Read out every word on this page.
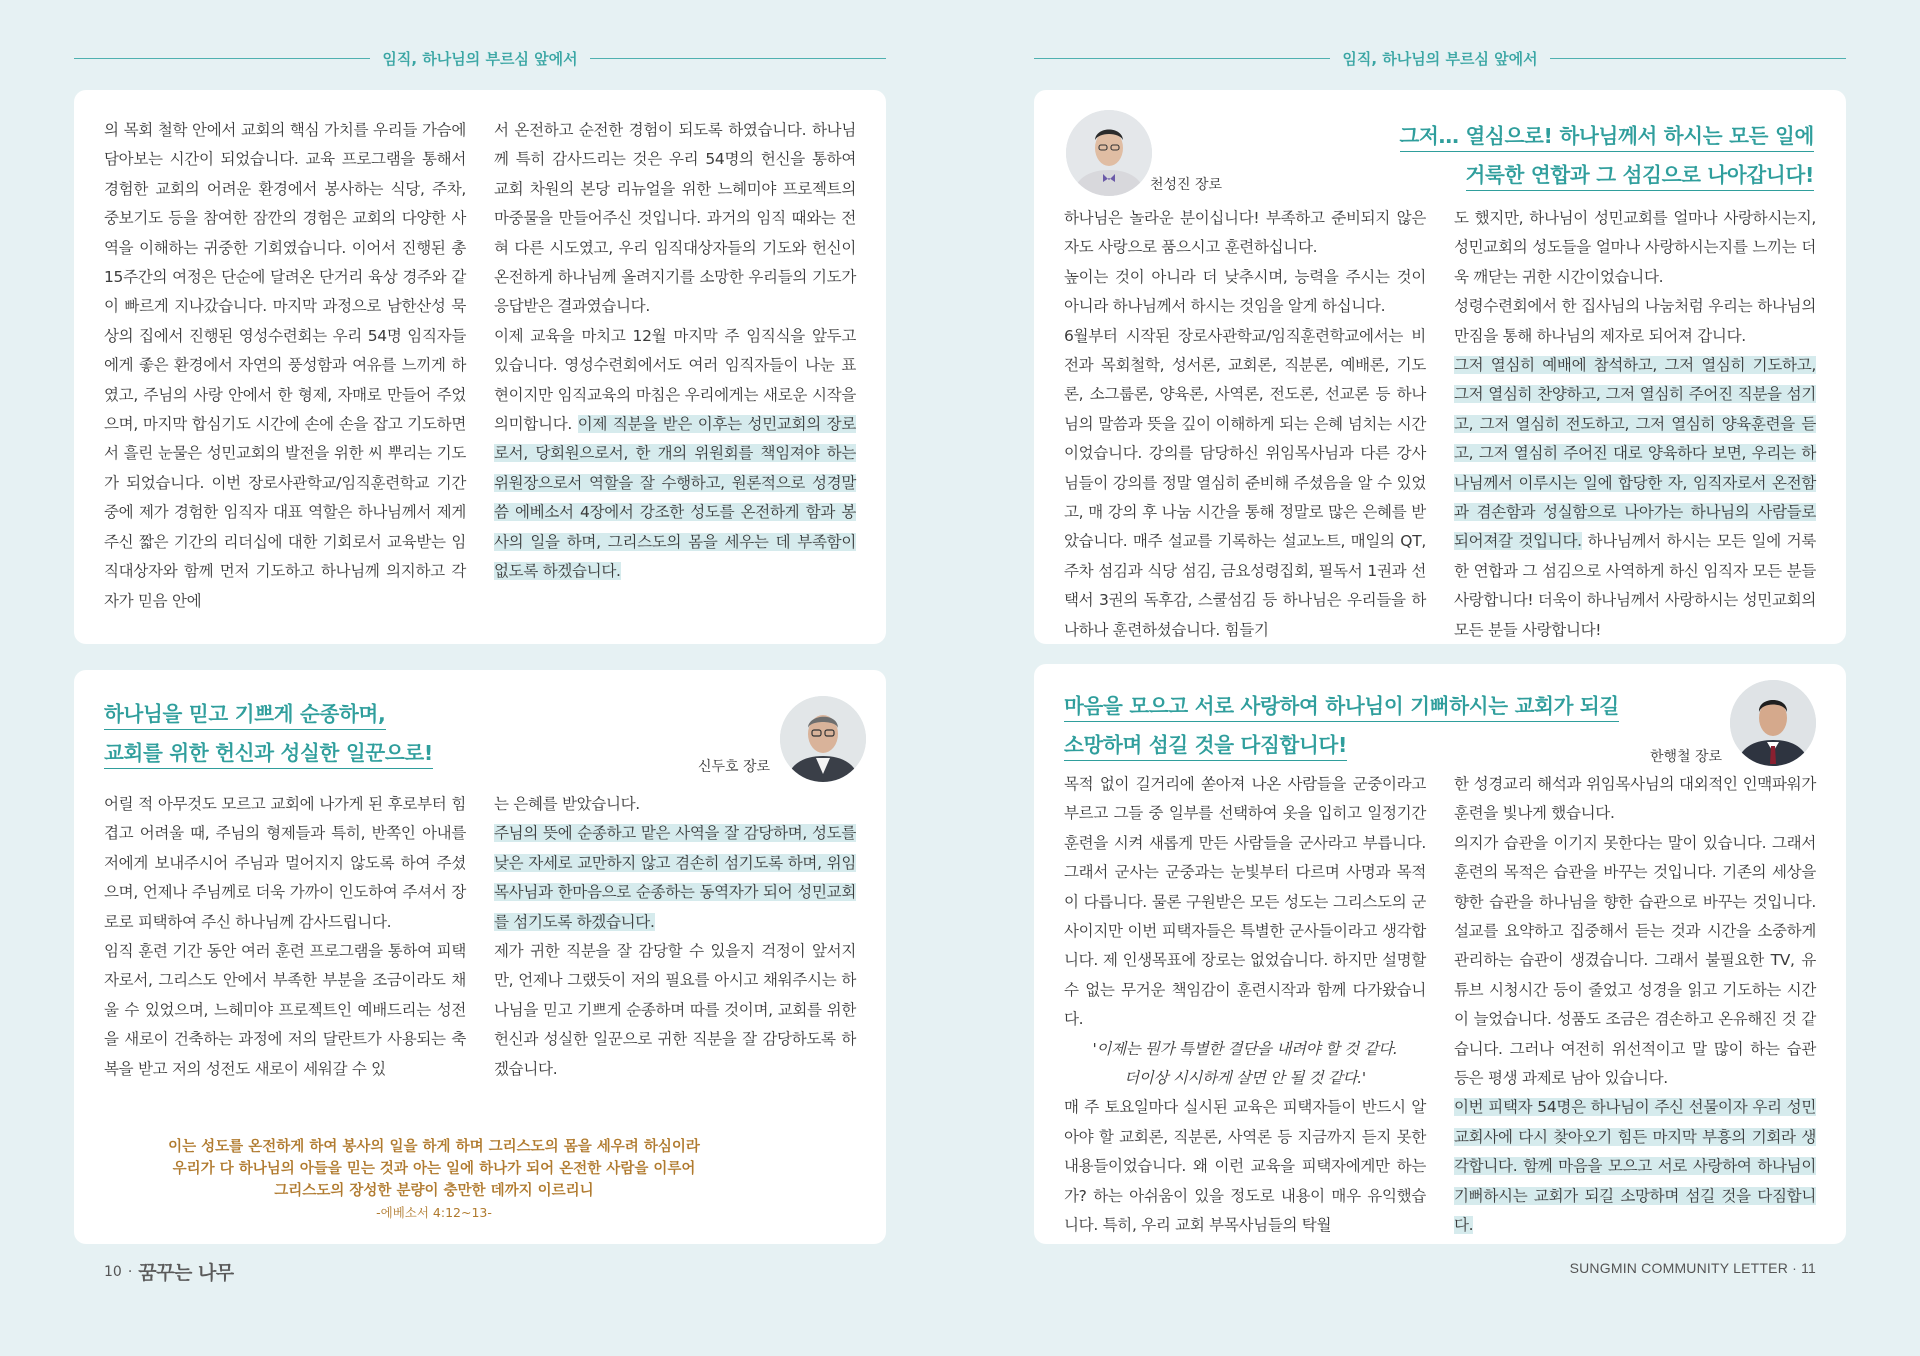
임직, 하나님의 부르심 앞에서	임직, 하나님의 부르심 앞에서

의 목회 철학 안에서 교회의 핵심 가치를 우리들 가슴에 담아보는 시간이 되었습니다. 교육 프로그램을 통해서 경험한 교회의 어려운 환경에서 봉사하는 식당, 주차, 중보기도 등을 참여한 잠깐의 경험은 교회의 다양한 사역을 이해하는 귀중한 기회였습니다. 이어서 진행된 총 15주간의 여정은 단순에 달려온 단거리 육상 경주와 같이 빠르게 지나갔습니다. 마지막 과정으로 남한산성 묵상의 집에서 진행된 영성수련회는 우리 54명 임직자들에게 좋은 환경에서 자연의 풍성함과 여유를 느끼게 하였고, 주님의 사랑 안에서 한 형제, 자매로 만들어 주었으며, 마지막 합심기도 시간에 손에 손을 잡고 기도하면서 흘린 눈물은 성민교회의 발전을 위한 씨 뿌리는 기도가 되었습니다. 이번 장로사관학교/임직훈련학교 기간 중에 제가 경험한 임직자 대표 역할은 하나님께서 제게 주신 짧은 기간의 리더십에 대한 기회로서 교육받는 임직대상자와 함께 먼저 기도하고 하나님께 의지하고 각자가 믿음 안에

서 온전하고 순전한 경험이 되도록 하였습니다. 하나님께 특히 감사드리는 것은 우리 54명의 헌신을 통하여 교회 차원의 본당 리뉴얼을 위한 느헤미야 프로젝트의 마중물을 만들어주신 것입니다. 과거의 임직 때와는 전혀 다른 시도였고, 우리 임직대상자들의 기도와 헌신이 온전하게 하나님께 올려지기를 소망한 우리들의 기도가 응답받은 결과였습니다.

이제 교육을 마치고 12월 마지막 주 임직식을 앞두고 있습니다. 영성수련회에서도 여러 임직자들이 나눈 표현이지만 임직교육의 마침은 우리에게는 새로운 시작을 의미합니다. 이제 직분을 받은 이후는 성민교회의 장로로서, 당회원으로서, 한 개의 위원회를 책임져야 하는 위원장으로서 역할을 잘 수행하고, 원론적으로 성경말씀 에베소서 4장에서 강조한 성도를 온전하게 함과 봉사의 일을 하며, 그리스도의 몸을 세우는 데 부족함이 없도록 하겠습니다.

하나님을 믿고 기쁘게 순종하며,
교회를 위한 헌신과 성실한 일꾼으로!
신두호 장로

어릴 적 아무것도 모르고 교회에 나가게 된 후로부터 힘겹고 어려울 때, 주님의 형제들과 특히, 반쪽인 아내를 저에게 보내주시어 주님과 멀어지지 않도록 하여 주셨으며, 언제나 주님께로 더욱 가까이 인도하여 주셔서 장로로 피택하여 주신 하나님께 감사드립니다.

임직 훈련 기간 동안 여러 훈련 프로그램을 통하여 피택자로서, 그리스도 안에서 부족한 부분을 조금이라도 채울 수 있었으며, 느헤미야 프로젝트인 예배드리는 성전을 새로이 건축하는 과정에 저의 달란트가 사용되는 축복을 받고 저의 성전도 새로이 세워갈 수 있

는 은혜를 받았습니다.

주님의 뜻에 순종하고 맡은 사역을 잘 감당하며, 성도를 낮은 자세로 교만하지 않고 겸손히 섬기도록 하며, 위임목사님과 한마음으로 순종하는 동역자가 되어 성민교회를 섬기도록 하겠습니다.

제가 귀한 직분을 잘 감당할 수 있을지 걱정이 앞서지만, 언제나 그랬듯이 저의 필요를 아시고 채워주시는 하나님을 믿고 기쁘게 순종하며 따를 것이며, 교회를 위한 헌신과 성실한 일꾼으로 귀한 직분을 잘 감당하도록 하겠습니다.

이는 성도를 온전하게 하여 봉사의 일을 하게 하며 그리스도의 몸을 세우려 하심이라
우리가 다 하나님의 아들을 믿는 것과 아는 일에 하나가 되어 온전한 사람을 이루어
그리스도의 장성한 분량이 충만한 데까지 이르리니
-에베소서 4:12~13-
천성진 장로
그저… 열심으로! 하나님께서 하시는 모든 일에
거룩한 연합과 그 섬김으로 나아갑니다!

하나님은 놀라운 분이십니다! 부족하고 준비되지 않은 자도 사랑으로 품으시고 훈련하십니다.

높이는 것이 아니라 더 낮추시며, 능력을 주시는 것이 아니라 하나님께서 하시는 것임을 알게 하십니다.

6월부터 시작된 장로사관학교/임직훈련학교에서는 비전과 목회철학, 성서론, 교회론, 직분론, 예배론, 기도론, 소그룹론, 양육론, 사역론, 전도론, 선교론 등 하나님의 말씀과 뜻을 깊이 이해하게 되는 은혜 넘치는 시간이었습니다. 강의를 담당하신 위임목사님과 다른 강사님들이 강의를 정말 열심히 준비해 주셨음을 알 수 있었고, 매 강의 후 나눔 시간을 통해 정말로 많은 은혜를 받았습니다. 매주 설교를 기록하는 설교노트, 매일의 QT, 주차 섬김과 식당 섬김, 금요성령집회, 필독서 1권과 선택서 3권의 독후감, 스쿨섬김 등 하나님은 우리들을 하나하나 훈련하셨습니다. 힘들기

도 했지만, 하나님이 성민교회를 얼마나 사랑하시는지, 성민교회의 성도들을 얼마나 사랑하시는지를 느끼는 더욱 깨닫는 귀한 시간이었습니다.

성령수련회에서 한 집사님의 나눔처럼 우리는 하나님의 만짐을 통해 하나님의 제자로 되어져 갑니다.

그저 열심히 예배에 참석하고, 그저 열심히 기도하고, 그저 열심히 찬양하고, 그저 열심히 주어진 직분을 섬기고, 그저 열심히 전도하고, 그저 열심히 양육훈련을 듣고, 그저 열심히 주어진 대로 양육하다 보면, 우리는 하나님께서 이루시는 일에 합당한 자, 임직자로서 온전함과 겸손함과 성실함으로 나아가는 하나님의 사람들로 되어져갈 것입니다. 하나님께서 하시는 모든 일에 거룩한 연합과 그 섬김으로 사역하게 하신 임직자 모든 분들 사랑합니다! 더욱이 하나님께서 사랑하시는 성민교회의 모든 분들 사랑합니다!

마음을 모으고 서로 사랑하여 하나님이 기뻐하시는 교회가 되길
소망하며 섬길 것을 다짐합니다!	한행철 장로

목적 없이 길거리에 쏟아져 나온 사람들을 군중이라고 부르고 그들 중 일부를 선택하여 옷을 입히고 일정기간 훈련을 시켜 새롭게 만든 사람들을 군사라고 부릅니다. 그래서 군사는 군중과는 눈빛부터 다르며 사명과 목적이 다릅니다. 물론 구원받은 모든 성도는 그리스도의 군사이지만 이번 피택자들은 특별한 군사들이라고 생각합니다. 제 인생목표에 장로는 없었습니다. 하지만 설명할 수 없는 무거운 책임감이 훈련시작과 함께 다가왔습니다.

'이제는 뭔가 특별한 결단을 내려야 할 것 같다.

더이상 시시하게 살면 안 될 것 같다.'

매 주 토요일마다 실시된 교육은 피택자들이 반드시 알아야 할 교회론, 직분론, 사역론 등 지금까지 듣지 못한 내용들이었습니다. 왜 이런 교육을 피택자에게만 하는가? 하는 아쉬움이 있을 정도로 내용이 매우 유익했습니다. 특히, 우리 교회 부목사님들의 탁월

한 성경교리 해석과 위임목사님의 대외적인 인맥파워가 훈련을 빛나게 했습니다.

의지가 습관을 이기지 못한다는 말이 있습니다. 그래서 훈련의 목적은 습관을 바꾸는 것입니다. 기존의 세상을 향한 습관을 하나님을 향한 습관으로 바꾸는 것입니다. 설교를 요약하고 집중해서 듣는 것과 시간을 소중하게 관리하는 습관이 생겼습니다. 그래서 불필요한 TV, 유튜브 시청시간 등이 줄었고 성경을 읽고 기도하는 시간이 늘었습니다. 성품도 조금은 겸손하고 온유해진 것 같습니다. 그러나 여전히 위선적이고 말 많이 하는 습관 등은 평생 과제로 남아 있습니다.

이번 피택자 54명은 하나님이 주신 선물이자 우리 성민교회사에 다시 찾아오기 힘든 마지막 부흥의 기회라 생각합니다. 함께 마음을 모으고 서로 사랑하여 하나님이 기뻐하시는 교회가 되길 소망하며 섬길 것을 다짐합니다.

10 · 꿈꾸는 나무	SUNGMIN COMMUNITY LETTER · 11
